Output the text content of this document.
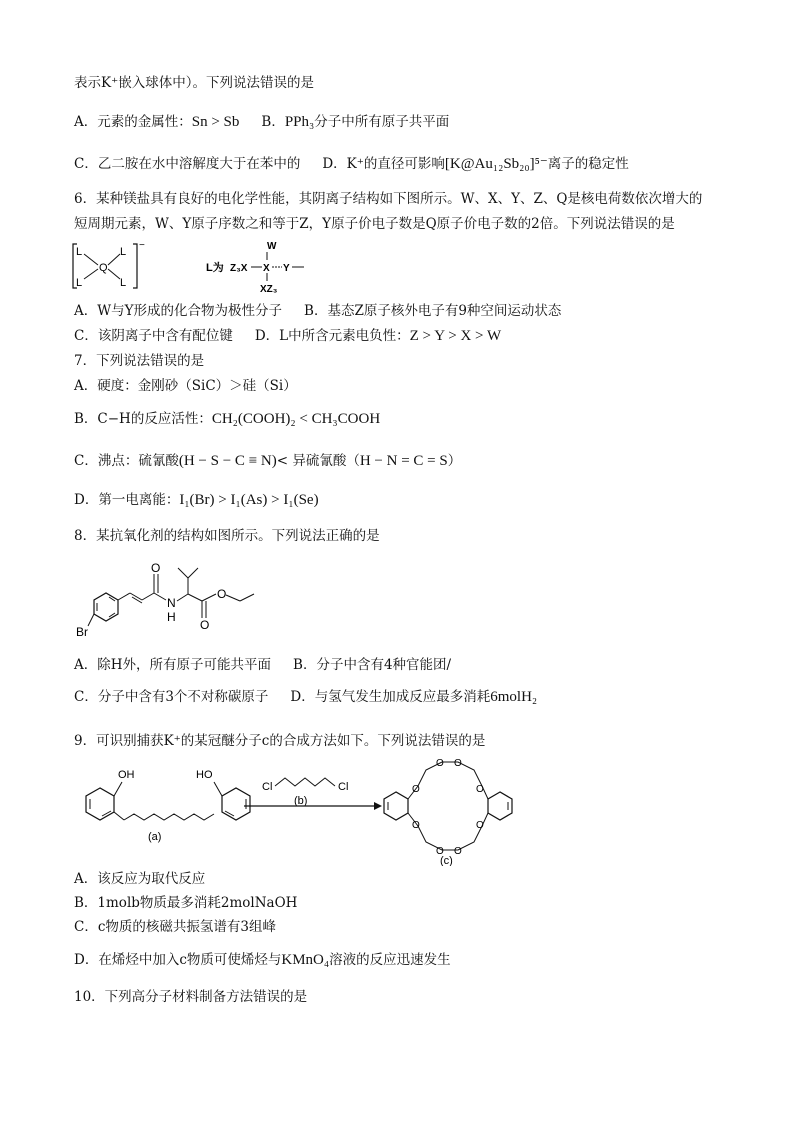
表示K⁺嵌入球体中）。下列说法错误的是
A．元素的金属性：Sn > Sb B．PPh₃分子中所有原子共平面
C．乙二胺在水中溶解度大于在苯中的 D．K⁺的直径可影响[K@Au₁₂Sb₂₀]⁵⁻离子的稳定性
6．某种镁盐具有良好的电化学性能，其阴离子结构如下图所示。W、X、Y、Z、Q是核电荷数依次增大的
短周期元素，W、Y原子序数之和等于Z，Y原子价电子数是Q原子价电子数的2倍。下列说法错误的是
−
L	L
L	L
Q	L为 Z₃X X Y
W
XZ₃
A．W与Y形成的化合物为极性分子 B．基态Z原子核外电子有9种空间运动状态
C．该阴离子中含有配位键 D．L中所含元素电负性：Z > Y > X > W
7．下列说法错误的是
A．硬度：金刚砂（SiC）＞硅（Si）
B．C−H的反应活性：CH₂(COOH)₂ < CH₃COOH
C．沸点：硫氰酸(H − S − C ≡ N)< 异硫氰酸（H − N = C = S）
D．第一电离能：I₁(Br) > I₁(As) > I₁(Se)
8．某抗氧化剂的结构如图所示。下列说法正确的是
Br
O
N
H
O
O
A．除H外，所有原子可能共平面 B．分子中含有4种官能团/
C．分子中含有3个不对称碳原子 D．与氢气发生加成反应最多消耗6molH₂
9．可识别捕获K⁺的某冠醚分子c的合成方法如下。下列说法错误的是
OH	HO
(a)
Cl	Cl
(b)
O
O O
O
O
O O
O
(c)
A．该反应为取代反应
B．1molb物质最多消耗2molNaOH
C．c物质的核磁共振氢谱有3组峰
D．在烯烃中加入c物质可使烯烃与KMnO₄溶液的反应迅速发生
10．下列高分子材料制备方法错误的是
